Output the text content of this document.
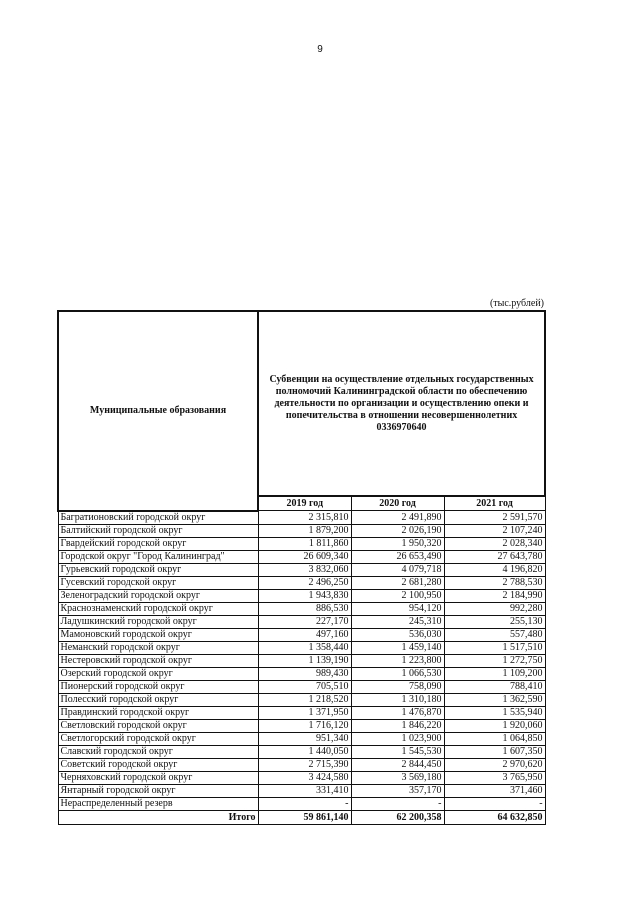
9
(тыс.рублей)
Муниципальные образования	Субвенции на осуществление отдельных государственных полномочий Калининградской области по обеспечению деятельности по организации и осуществлению опеки и попечительства в отношении несовершеннолетних 0336970640		
	2019 год	2020 год	2021 год
Багратионовский городской округ	2 315,810	2 491,890	2 591,570
Балтийский городской округ	1 879,200	2 026,190	2 107,240
Гвардейский городской округ	1 811,860	1 950,320	2 028,340
Городской округ "Город Калининград"	26 609,340	26 653,490	27 643,780
Гурьевский городской округ	3 832,060	4 079,718	4 196,820
Гусевский городской округ	2 496,250	2 681,280	2 788,530
Зеленоградский городской округ	1 943,830	2 100,950	2 184,990
Краснознаменский городской округ	886,530	954,120	992,280
Ладушкинский городской округ	227,170	245,310	255,130
Мамоновский городской округ	497,160	536,030	557,480
Неманский городской округ	1 358,440	1 459,140	1 517,510
Нестеровский городской округ	1 139,190	1 223,800	1 272,750
Озерский городской округ	989,430	1 066,530	1 109,200
Пионерский городской округ	705,510	758,090	788,410
Полесский городской округ	1 218,520	1 310,180	1 362,590
Правдинский городской округ	1 371,950	1 476,870	1 535,940
Светловский городской округ	1 716,120	1 846,220	1 920,060
Светлогорский городской округ	951,340	1 023,900	1 064,850
Славский городской округ	1 440,050	1 545,530	1 607,350
Советский городской округ	2 715,390	2 844,450	2 970,620
Черняховский городской округ	3 424,580	3 569,180	3 765,950
Янтарный городской округ	331,410	357,170	371,460
Нераспределенный резерв	-	-	-
Итого	59 861,140	62 200,358	64 632,850
